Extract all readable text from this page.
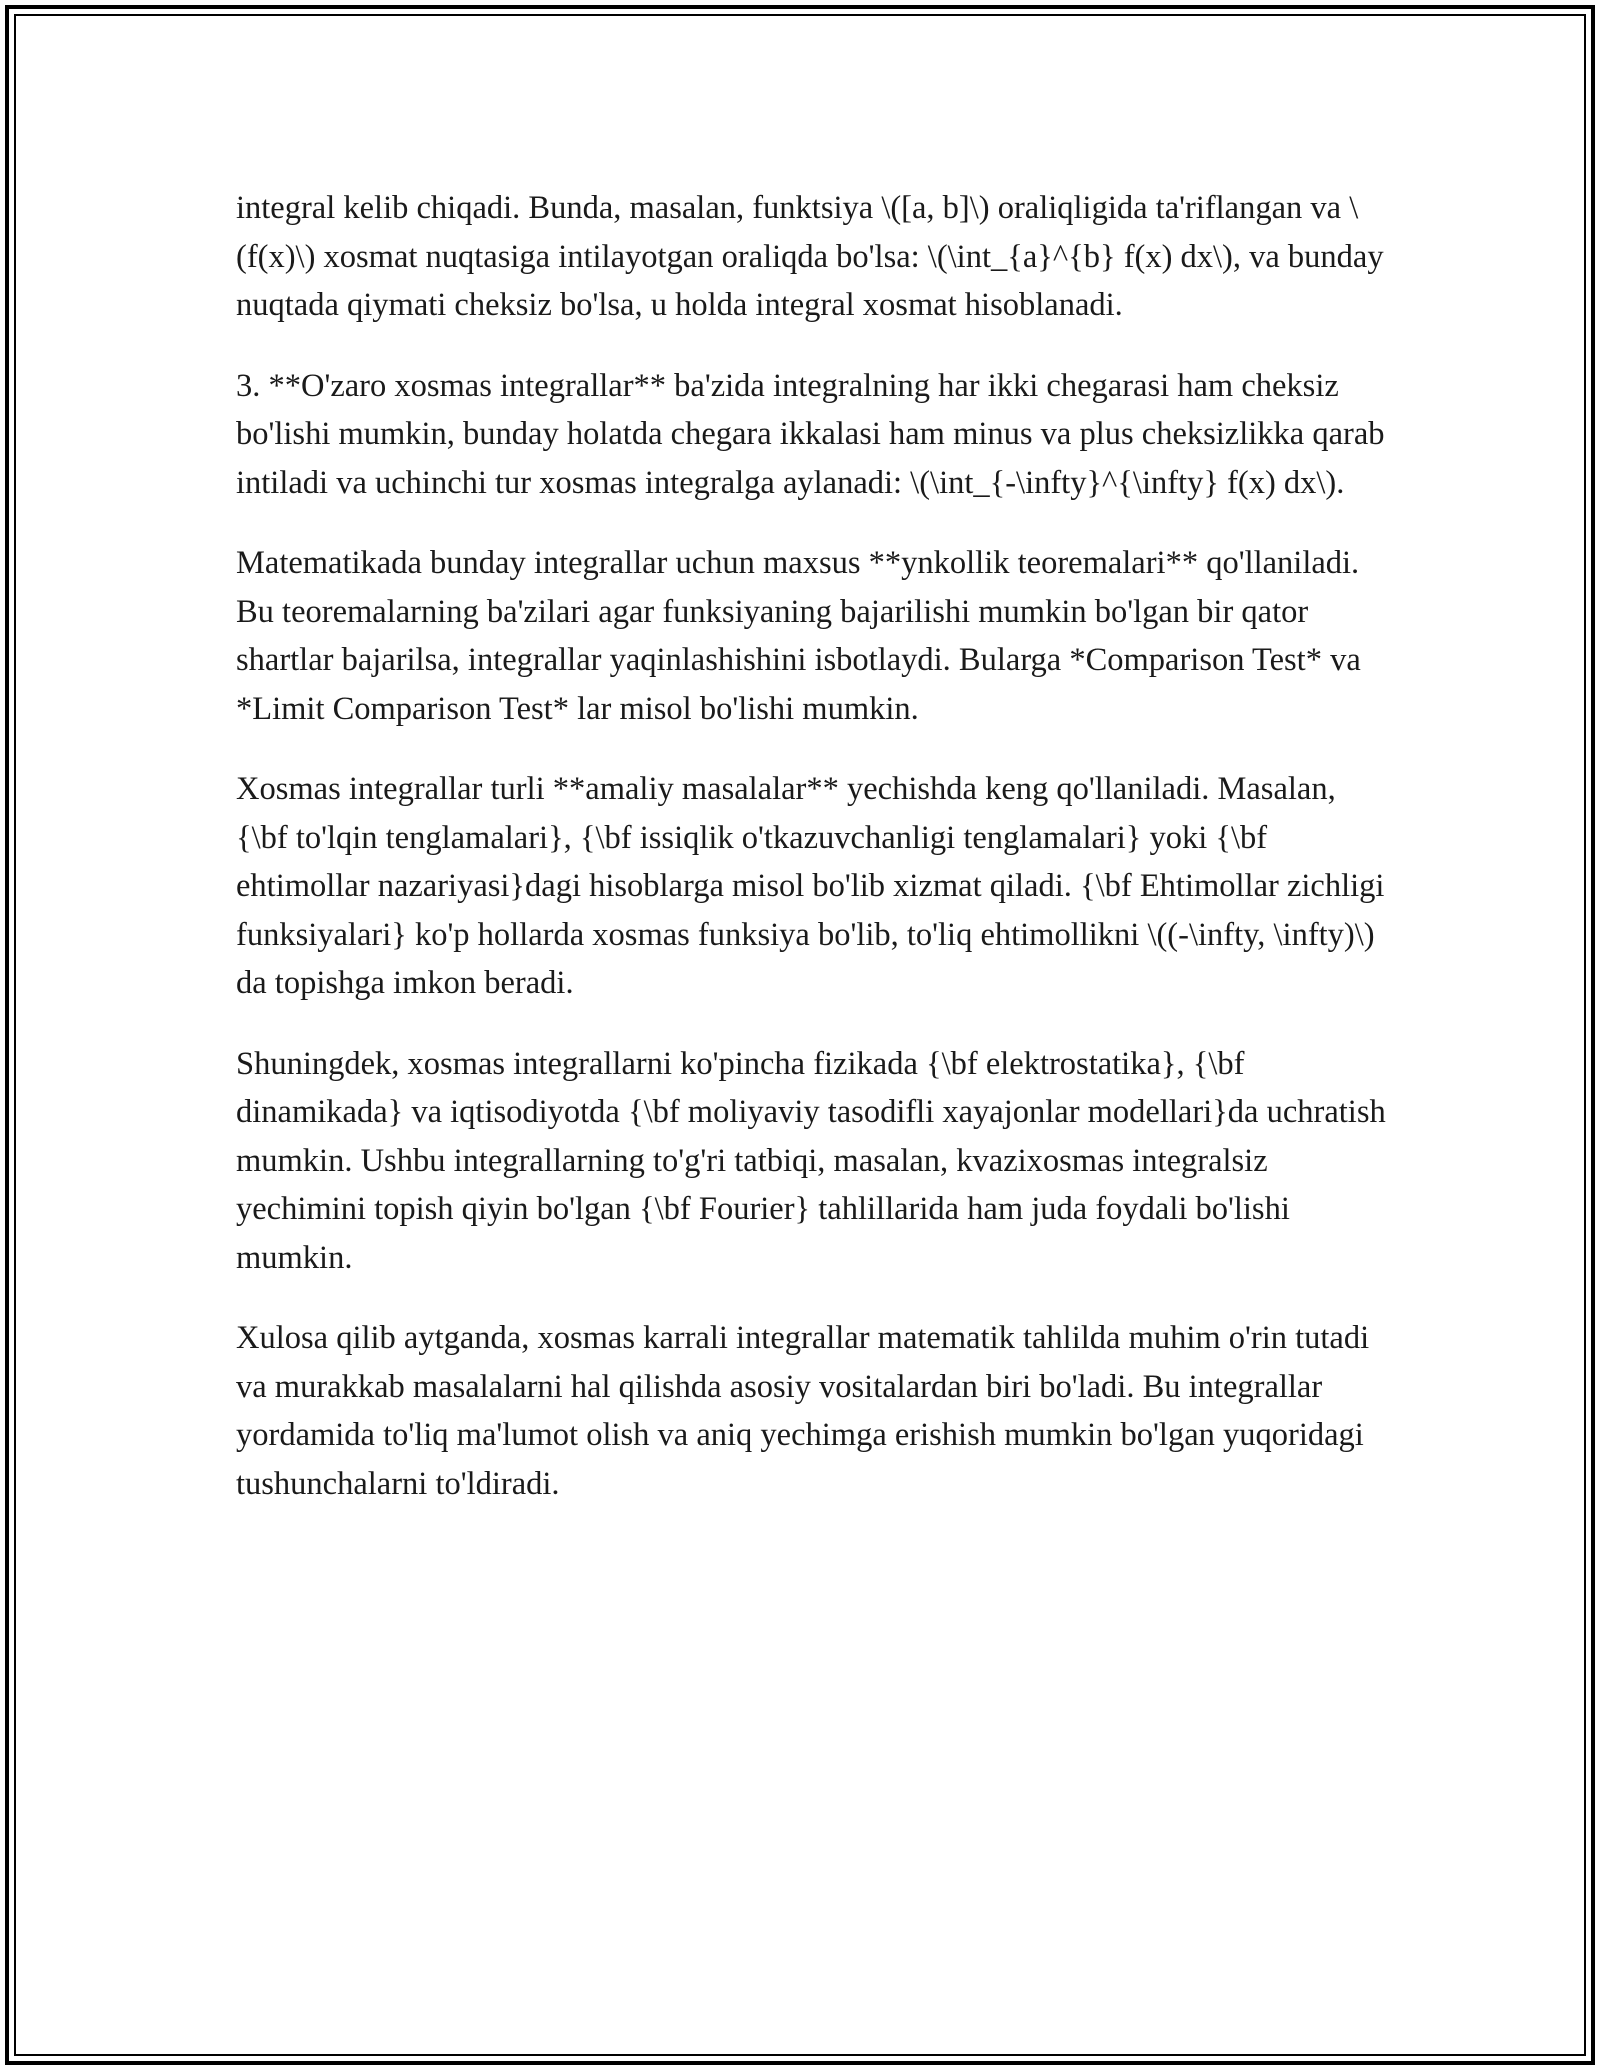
integral kelib chiqadi. Bunda, masalan, funktsiya \([a, b]\) oraliqligida ta'riflangan va \(f(x)\) xosmat nuqtasiga intilayotgan oraliqda bo'lsa: \(\int_{a}^{b} f(x) dx\), va bunday nuqtada qiymati cheksiz bo'lsa, u holda integral xosmat hisoblanadi.

3. **O'zaro xosmas integrallar** ba'zida integralning har ikki chegarasi ham cheksiz bo'lishi mumkin, bunday holatda chegara ikkalasi ham minus va plus cheksizlikka qarab intiladi va uchinchi tur xosmas integralga aylanadi: \(\int_{-\infty}^{\infty} f(x) dx\).

Matematikada bunday integrallar uchun maxsus **ynkollik teoremalari** qo'llaniladi. Bu teoremalarning ba'zilari agar funksiyaning bajarilishi mumkin bo'lgan bir qator shartlar bajarilsa, integrallar yaqinlashishini isbotlaydi. Bularga *Comparison Test* va *Limit Comparison Test* lar misol bo'lishi mumkin.

Xosmas integrallar turli **amaliy masalalar** yechishda keng qo'llaniladi. Masalan, {\bf to'lqin tenglamalari}, {\bf issiqlik o'tkazuvchanligi tenglamalari} yoki {\bf ehtimollar nazariyasi}dagi hisoblarga misol bo'lib xizmat qiladi. {\bf Ehtimollar zichligi funksiyalari} ko'p hollarda xosmas funksiya bo'lib, to'liq ehtimollikni \((-\infty, \infty)\) da topishga imkon beradi.

Shuningdek, xosmas integrallarni ko'pincha fizikada {\bf elektrostatika}, {\bf dinamikada} va iqtisodiyotda {\bf moliyaviy tasodifli xayajonlar modellari}da uchratish mumkin. Ushbu integrallarning to'g'ri tatbiqi, masalan, kvazixosmas integralsiz yechimini topish qiyin bo'lgan {\bf Fourier} tahlillarida ham juda foydali bo'lishi mumkin.

Xulosa qilib aytganda, xosmas karrali integrallar matematik tahlilda muhim o'rin tutadi va murakkab masalalarni hal qilishda asosiy vositalardan biri bo'ladi. Bu integrallar yordamida to'liq ma'lumot olish va aniq yechimga erishish mumkin bo'lgan yuqoridagi tushunchalarni to'ldiradi.
